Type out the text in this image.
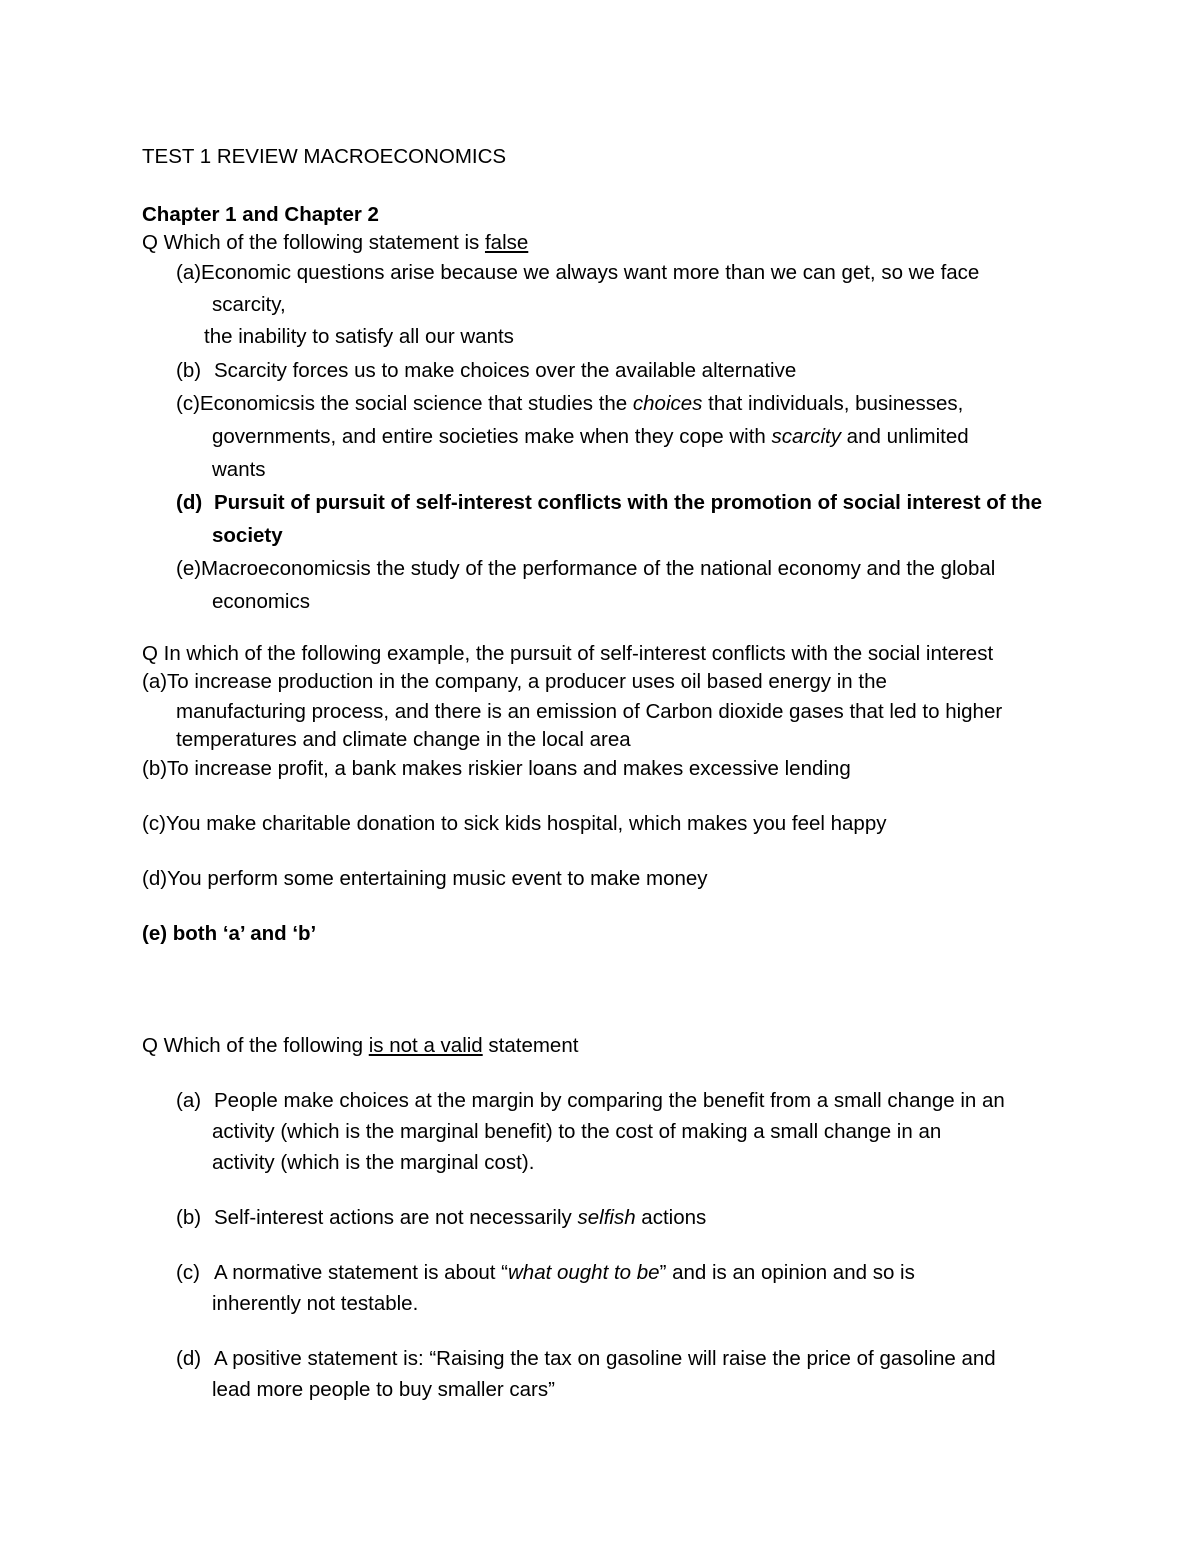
TEST 1 REVIEW MACROECONOMICS
Chapter 1 and Chapter 2
Q Which of the following statement is false
(a)Economic questions arise because we always want more than we can get, so we face
scarcity,
the inability to satisfy all our wants
(b) Scarcity forces us to make choices over the available alternative
(c)Economicsis the social science that studies the choices that individuals, businesses,
governments, and entire societies make when they cope with scarcity and unlimited
wants
(d) Pursuit of pursuit of self-interest conflicts with the promotion of social interest of the
society
(e)Macroeconomicsis the study of the performance of the national economy and the global
economics
Q In which of the following example, the pursuit of self-interest conflicts with the social interest
(a)To increase production in the company, a producer uses oil based energy in the
manufacturing process, and there is an emission of Carbon dioxide gases that led to higher
temperatures and climate change in the local area
(b)To increase profit, a bank makes riskier loans and makes excessive lending
(c)You make charitable donation to sick kids hospital, which makes you feel happy
(d)You perform some entertaining music event to make money
(e) both ‘a’ and ‘b’
Q Which of the following is not a valid statement
(a) People make choices at the margin by comparing the benefit from a small change in an
activity (which is the marginal benefit) to the cost of making a small change in an
activity (which is the marginal cost).
(b) Self-interest actions are not necessarily selfish actions
(c) A normative statement is about “what ought to be” and is an opinion and so is
inherently not testable.
(d) A positive statement is: “Raising the tax on gasoline will raise the price of gasoline and
lead more people to buy smaller cars”
